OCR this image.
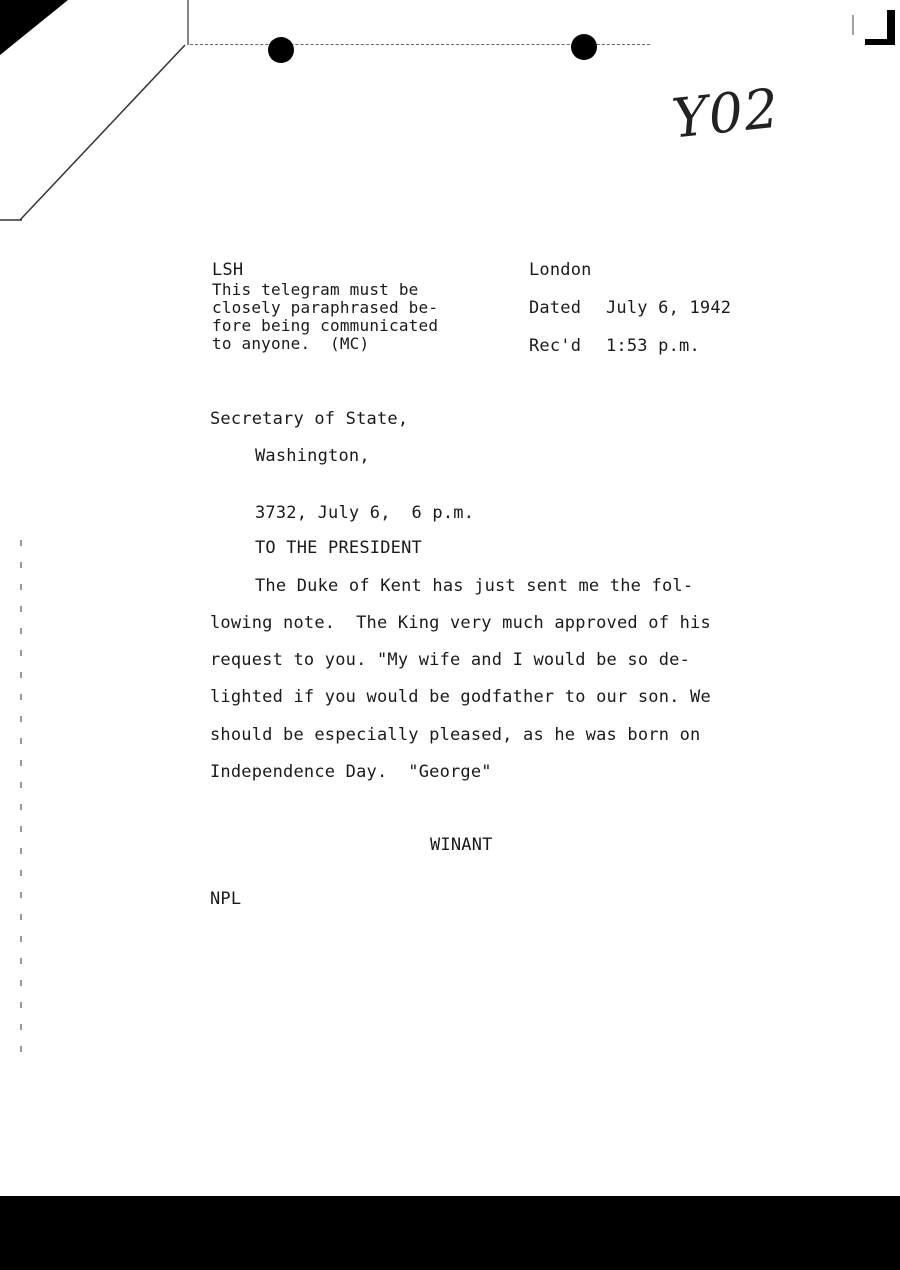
Y02
LSH
This telegram must be
closely paraphrased be-
fore being communicated
to anyone.  (MC)
London
Dated July 6, 1942
Rec'd 1:53 p.m.
Secretary of State,
Washington,
3732, July 6,  6 p.m.
TO THE PRESIDENT
The Duke of Kent has just sent me the fol-
lowing note.  The King very much approved of his
request to you. "My wife and I would be so de-
lighted if you would be godfather to our son. We
should be especially pleased, as he was born on
Independence Day.  "George"
WINANT
NPL
